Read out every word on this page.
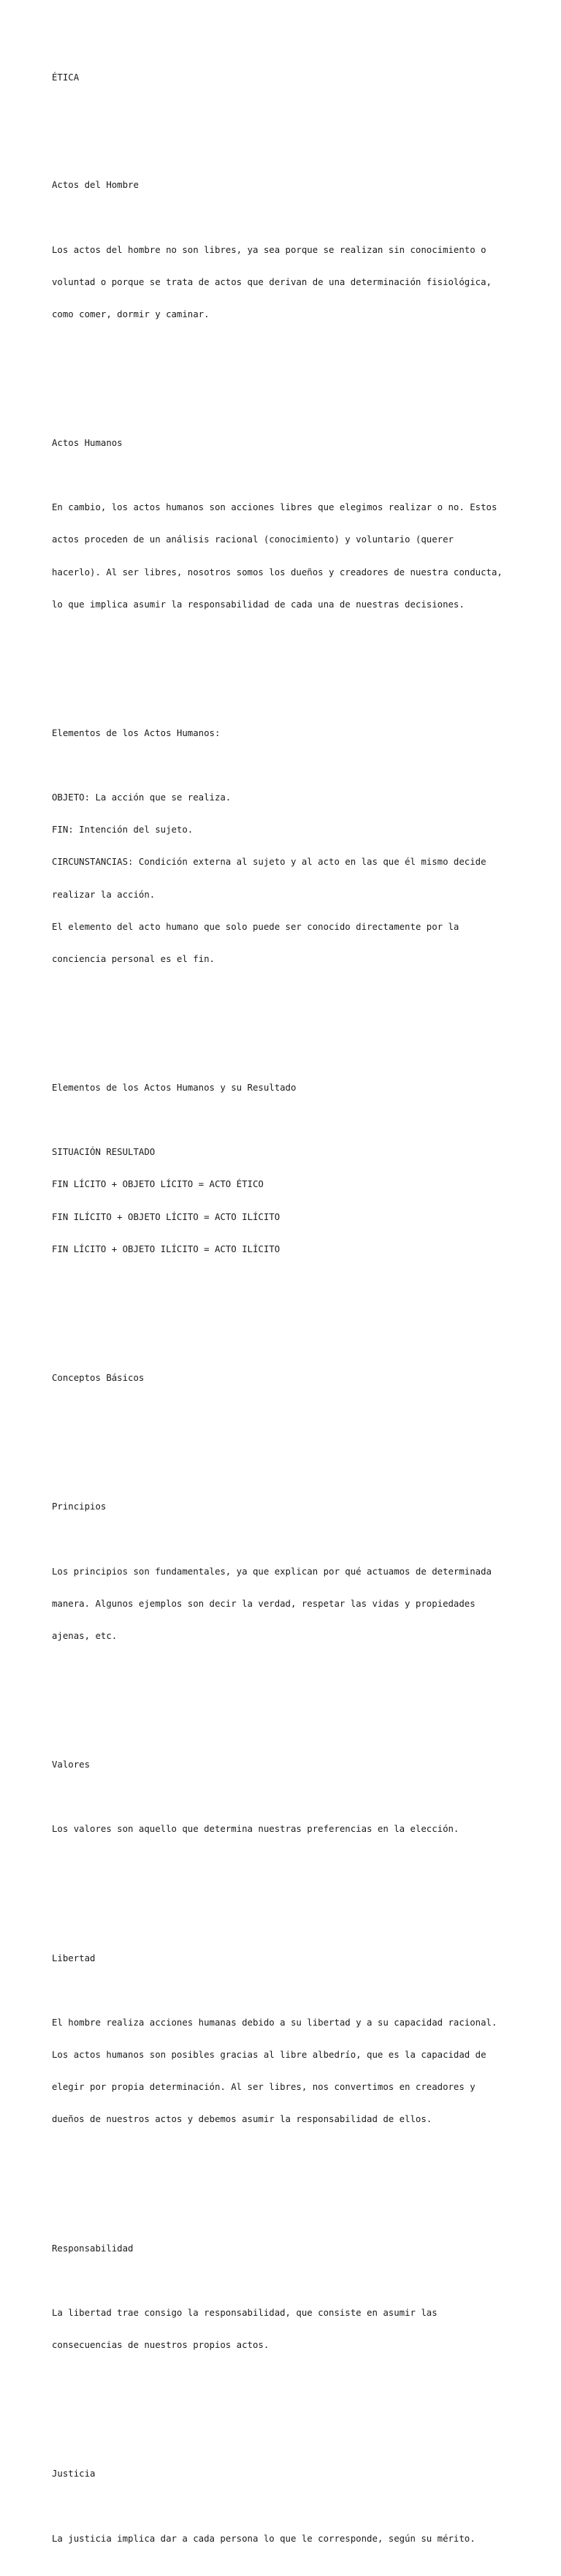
ÉTICA

Actos del Hombre

Los actos del hombre no son libres, ya sea porque se realizan sin conocimiento o

voluntad o porque se trata de actos que derivan de una determinación fisiológica,

como comer, dormir y caminar.

Actos Humanos

En cambio, los actos humanos son acciones libres que elegimos realizar o no. Estos

actos proceden de un análisis racional (conocimiento) y voluntario (querer

hacerlo). Al ser libres, nosotros somos los dueños y creadores de nuestra conducta,

lo que implica asumir la responsabilidad de cada una de nuestras decisiones.

Elementos de los Actos Humanos:

OBJETO: La acción que se realiza.

FIN: Intención del sujeto.

CIRCUNSTANCIAS: Condición externa al sujeto y al acto en las que él mismo decide

realizar la acción.

El elemento del acto humano que solo puede ser conocido directamente por la

conciencia personal es el fin.

Elementos de los Actos Humanos y su Resultado

SITUACIÓN RESULTADO

FIN LÍCITO + OBJETO LÍCITO = ACTO ÉTICO

FIN ILÍCITO + OBJETO LÍCITO = ACTO ILÍCITO

FIN LÍCITO + OBJETO ILÍCITO = ACTO ILÍCITO

Conceptos Básicos

Principios

Los principios son fundamentales, ya que explican por qué actuamos de determinada

manera. Algunos ejemplos son decir la verdad, respetar las vidas y propiedades

ajenas, etc.

Valores

Los valores son aquello que determina nuestras preferencias en la elección.

Libertad

El hombre realiza acciones humanas debido a su libertad y a su capacidad racional.

Los actos humanos son posibles gracias al libre albedrío, que es la capacidad de

elegir por propia determinación. Al ser libres, nos convertimos en creadores y

dueños de nuestros actos y debemos asumir la responsabilidad de ellos.

Responsabilidad

La libertad trae consigo la responsabilidad, que consiste en asumir las

consecuencias de nuestros propios actos.

Justicia

La justicia implica dar a cada persona lo que le corresponde, según su mérito.
